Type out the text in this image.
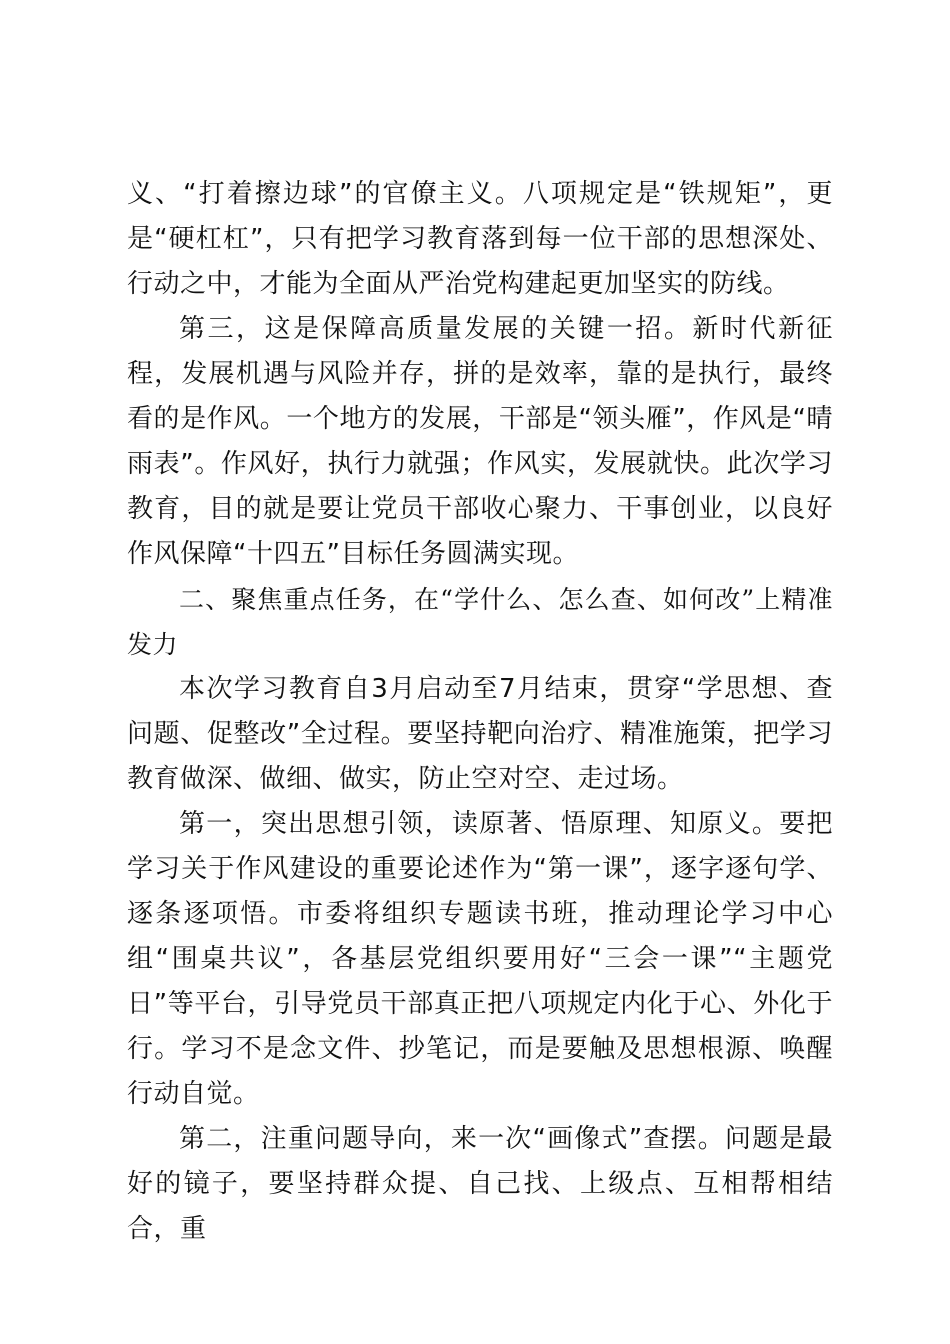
义、“打着擦边球”的官僚主义。八项规定是“铁规矩”，更是“硬杠杠”，只有把学习教育落到每一位干部的思想深处、行动之中，才能为全面从严治党构建起更加坚实的防线。

第三，这是保障高质量发展的关键一招。新时代新征程，发展机遇与风险并存，拼的是效率，靠的是执行，最终看的是作风。一个地方的发展，干部是“领头雁”，作风是“晴雨表”。作风好，执行力就强；作风实，发展就快。此次学习教育，目的就是要让党员干部收心聚力、干事创业，以良好作风保障“十四五”目标任务圆满实现。

二、聚焦重点任务，在“学什么、怎么查、如何改”上精准发力

本次学习教育自3月启动至7月结束，贯穿“学思想、查问题、促整改”全过程。要坚持靶向治疗、精准施策，把学习教育做深、做细、做实，防止空对空、走过场。

第一，突出思想引领，读原著、悟原理、知原义。要把学习关于作风建设的重要论述作为“第一课”，逐字逐句学、逐条逐项悟。市委将组织专题读书班，推动理论学习中心组“围桌共议”，各基层党组织要用好“三会一课”“主题党日”等平台，引导党员干部真正把八项规定内化于心、外化于行。学习不是念文件、抄笔记，而是要触及思想根源、唤醒行动自觉。

第二，注重问题导向，来一次“画像式”查摆。问题是最好的镜子，要坚持群众提、自己找、上级点、互相帮相结合，重
